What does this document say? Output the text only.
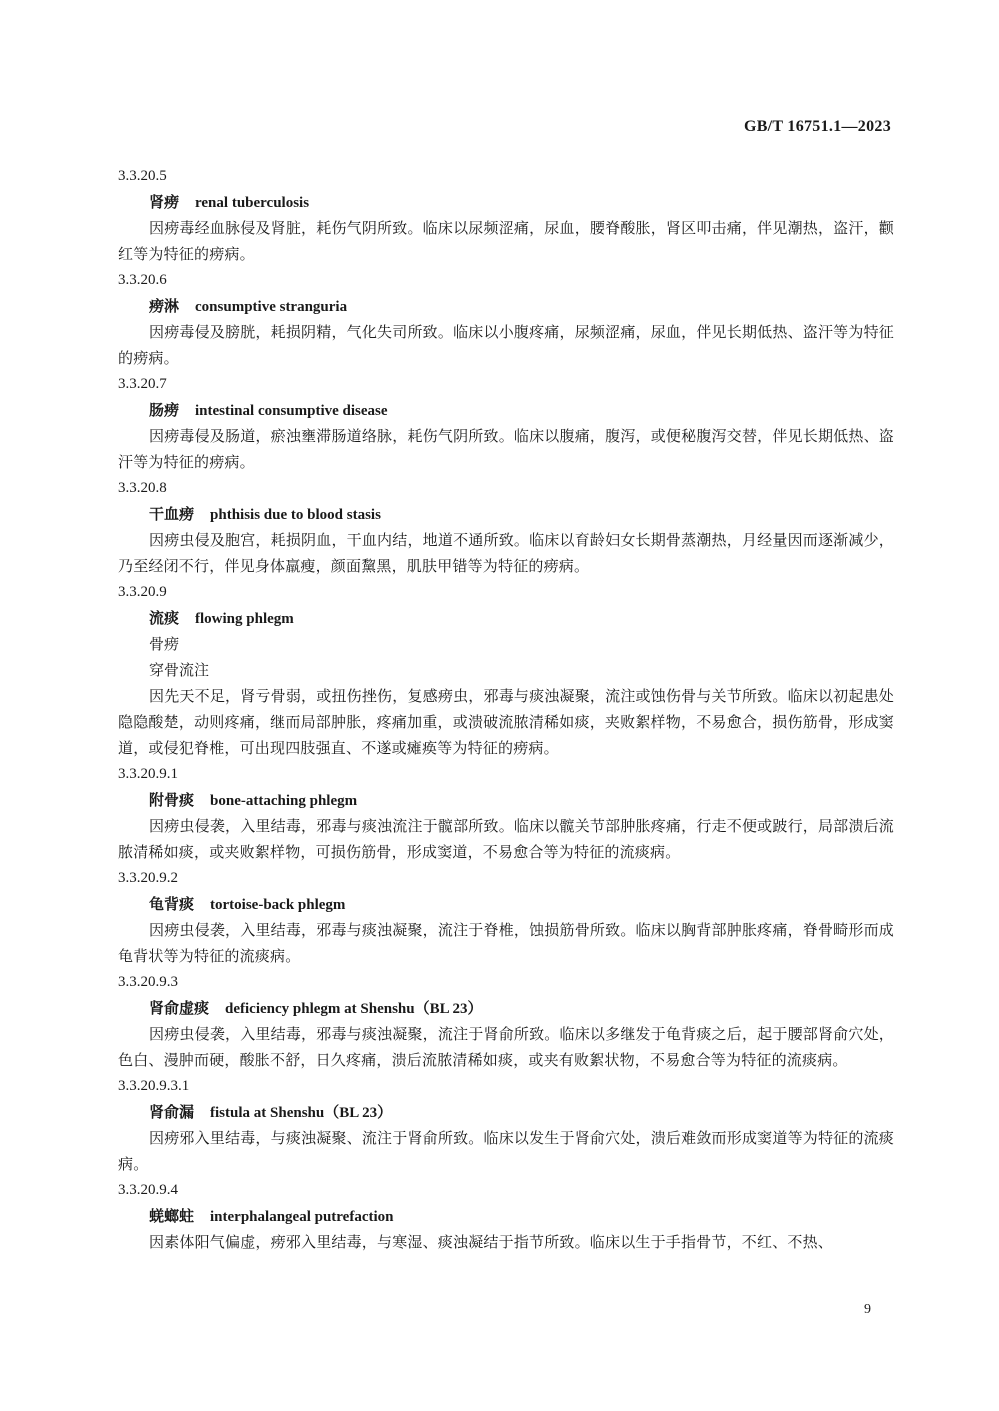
GB/T 16751.1—2023
3.3.20.5
肾痨 renal tuberculosis

因痨毒经血脉侵及肾脏，耗伤气阴所致。临床以尿频涩痛，尿血，腰脊酸胀，肾区叩击痛，伴见潮热，盗汗，颧红等为特征的痨病。

3.3.20.6
痨淋 consumptive stranguria

因痨毒侵及膀胱，耗损阴精，气化失司所致。临床以小腹疼痛，尿频涩痛，尿血，伴见长期低热、盗汗等为特征的痨病。

3.3.20.7
肠痨 intestinal consumptive disease

因痨毒侵及肠道，瘀浊壅滞肠道络脉，耗伤气阴所致。临床以腹痛，腹泻，或便秘腹泻交替，伴见长期低热、盗汗等为特征的痨病。

3.3.20.8
干血痨 phthisis due to blood stasis

因痨虫侵及胞宫，耗损阴血，干血内结，地道不通所致。临床以育龄妇女长期骨蒸潮热，月经量因而逐渐减少，乃至经闭不行，伴见身体羸瘦，颜面黧黑，肌肤甲错等为特征的痨病。

3.3.20.9
流痰 flowing phlegm
骨痨
穿骨流注

因先天不足，肾亏骨弱，或扭伤挫伤，复感痨虫，邪毒与痰浊凝聚，流注或蚀伤骨与关节所致。临床以初起患处隐隐酸楚，动则疼痛，继而局部肿胀，疼痛加重，或溃破流脓清稀如痰，夹败絮样物，不易愈合，损伤筋骨，形成窦道，或侵犯脊椎，可出现四肢强直、不遂或瘫痪等为特征的痨病。

3.3.20.9.1
附骨痰 bone-attaching phlegm

因痨虫侵袭，入里结毒，邪毒与痰浊流注于髋部所致。临床以髋关节部肿胀疼痛，行走不便或跛行，局部溃后流脓清稀如痰，或夹败絮样物，可损伤筋骨，形成窦道，不易愈合等为特征的流痰病。

3.3.20.9.2
龟背痰 tortoise-back phlegm

因痨虫侵袭，入里结毒，邪毒与痰浊凝聚，流注于脊椎，蚀损筋骨所致。临床以胸背部肿胀疼痛，脊骨畸形而成龟背状等为特征的流痰病。

3.3.20.9.3
肾俞虚痰 deficiency phlegm at Shenshu（BL 23）

因痨虫侵袭，入里结毒，邪毒与痰浊凝聚，流注于肾俞所致。临床以多继发于龟背痰之后，起于腰部肾俞穴处，色白、漫肿而硬，酸胀不舒，日久疼痛，溃后流脓清稀如痰，或夹有败絮状物，不易愈合等为特征的流痰病。

3.3.20.9.3.1
肾俞漏 fistula at Shenshu（BL 23）

因痨邪入里结毒，与痰浊凝聚、流注于肾俞所致。临床以发生于肾俞穴处，溃后难敛而形成窦道等为特征的流痰病。

3.3.20.9.4
蜣螂蛀 interphalangeal putrefaction

因素体阳气偏虚，痨邪入里结毒，与寒湿、痰浊凝结于指节所致。临床以生于手指骨节，不红、不热、

9
